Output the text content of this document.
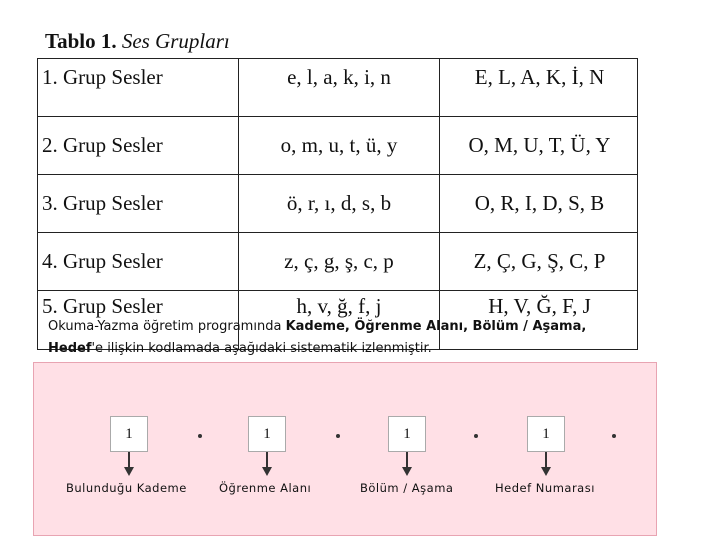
Tablo 1. Ses Grupları
1. Grup Sesler	e, l, a, k, i, n	E, L, A, K, İ, N
2. Grup Sesler	o, m, u, t, ü, y	O, M, U, T, Ü, Y
3. Grup Sesler	ö, r, ı, d, s, b	O, R, I, D, S, B
4. Grup Sesler	z, ç, g, ş, c, p	Z, Ç, G, Ş, C, P
5. Grup Sesler	h, v, ğ, f, j	H, V, Ğ, F, J
Okuma-Yazma öğretim programında Kademe, Öğrenme Alanı, Bölüm / Aşama,
Hedef'e ilişkin kodlamada aşağıdaki sistematik izlenmiştir.
1
Bulunduğu Kademe
1
Öğrenme Alanı
1
Bölüm / Aşama
1
Hedef Numarası
